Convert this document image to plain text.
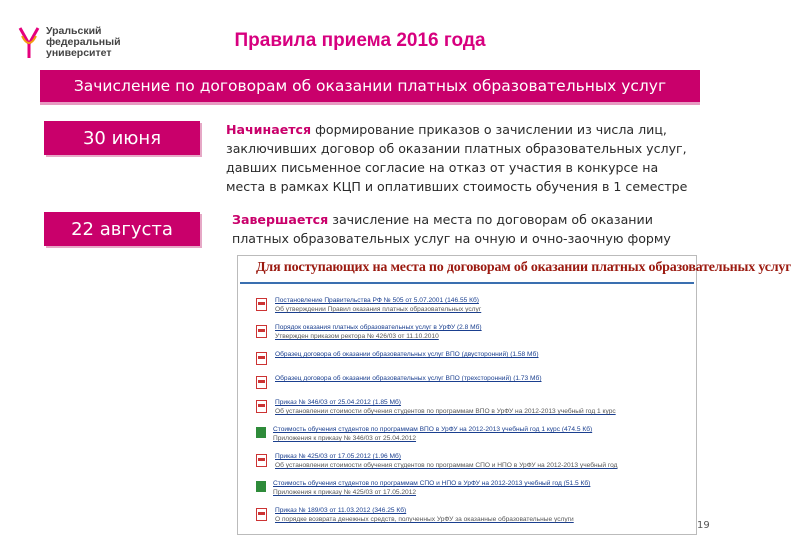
Уральский
федеральный
университет
Правила приема 2016 года
Зачисление по договорам об оказании платных образовательных услуг
30 июня
22 августа
Начинается формирование приказов о зачислении из числа лиц, заключивших договор об оказании платных образовательных услуг, давших письменное согласие на отказ от участия в конкурсе на места в рамках КЦП и оплативших стоимость обучения в 1 семестре
Завершается зачисление на места по договорам об оказании платных образовательных услуг на очную и очно-заочную форму
Для поступающих на места по договорам об оказании платных образовательных услуг
Постановление Правительства РФ № 505 от 5.07.2001 (146.55 Кб)
Об утверждении Правил оказания платных образовательных услуг
Порядок оказания платных образовательных услуг в УрФУ (2.8 Мб)
Утвержден приказом ректора № 426/03 от 11.10.2010
Образец договора об оказании образовательных услуг ВПО (двусторонний) (1.58 Мб)
Образец договора об оказании образовательных услуг ВПО (трехсторонний) (1.73 Мб)
Приказ № 346/03 от 25.04.2012 (1.85 Мб)
Об установлении стоимости обучения студентов по программам ВПО в УрФУ на 2012-2013 учебный год 1 курс
Стоимость обучения студентов по программам ВПО в УрФУ на 2012-2013 учебный год 1 курс (474.5 Кб)
Приложения к приказу № 346/03 от 25.04.2012
Приказ № 425/03 от 17.05.2012 (1.96 Мб)
Об установлении стоимости обучения студентов по программам СПО и НПО в УрФУ на 2012-2013 учебный год
Стоимость обучения студентов по программам СПО и НПО в УрФУ на 2012-2013 учебный год (51.5 Кб)
Приложения к приказу № 425/03 от 17.05.2012
Приказ № 189/03 от 11.03.2012 (346.25 Кб)
О порядке возврата денежных средств, полученных УрФУ за оказанные образовательные услуги
19
